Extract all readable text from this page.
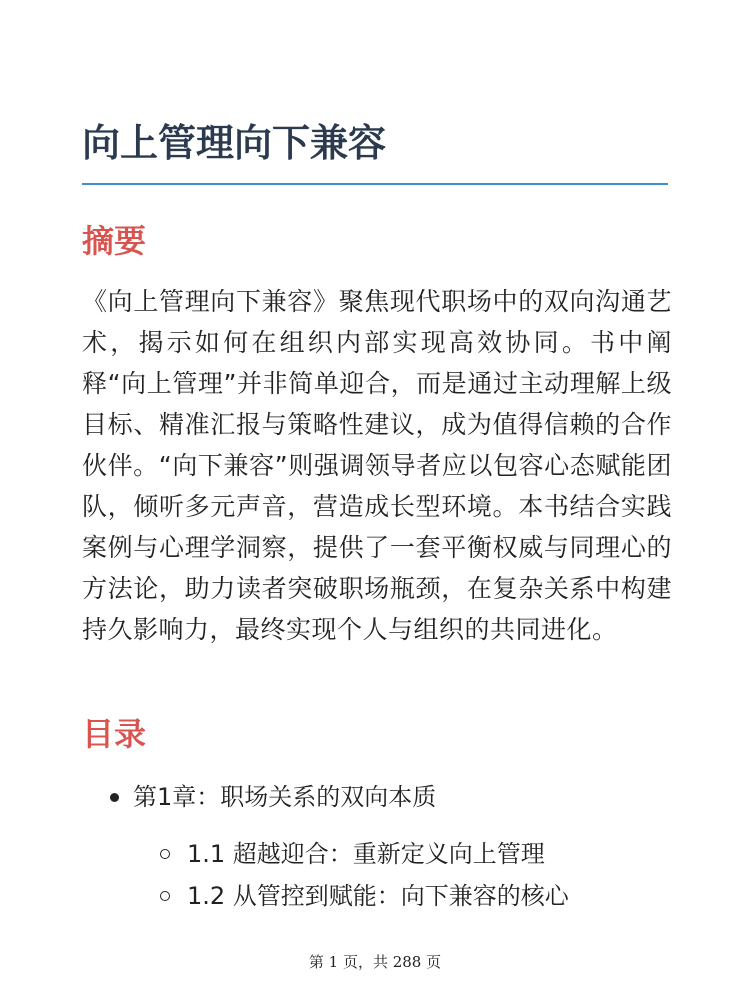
向上管理向下兼容
摘要

《向上管理向下兼容》聚焦现代职场中的双向沟通艺术，揭示如何在组织内部实现高效协同。书中阐释“向上管理”并非简单迎合，而是通过主动理解上级目标、精准汇报与策略性建议，成为值得信赖的合作伙伴。“向下兼容”则强调领导者应以包容心态赋能团队，倾听多元声音，营造成长型环境。本书结合实践案例与心理学洞察，提供了一套平衡权威与同理心的方法论，助力读者突破职场瓶颈，在复杂关系中构建持久影响力，最终实现个人与组织的共同进化。

目录
第1章：职场关系的双向本质
1.1 超越迎合：重新定义向上管理
1.2 从管控到赋能：向下兼容的核心
第 1 页，共 288 页
